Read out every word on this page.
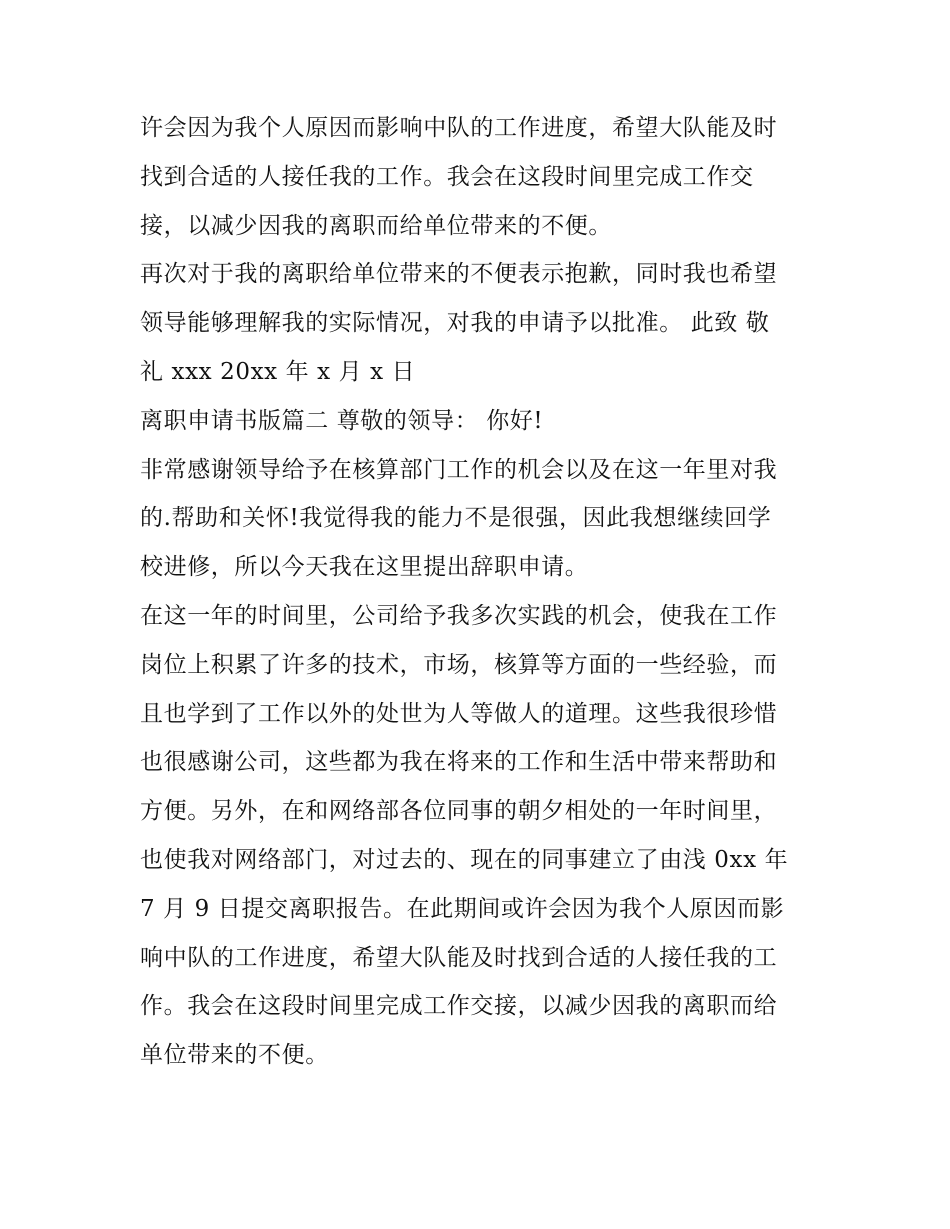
许会因为我个人原因而影响中队的工作进度，希望大队能及时
找到合适的人接任我的工作。我会在这段时间里完成工作交
接，以减少因我的离职而给单位带来的不便。
再次对于我的离职给单位带来的不便表示抱歉，同时我也希望
领导能够理解我的实际情况，对我的申请予以批准。 此致 敬
礼 xxx 20xx 年 x 月 x 日
离职申请书版篇二 尊敬的领导： 你好!
非常感谢领导给予在核算部门工作的机会以及在这一年里对我
的.帮助和关怀!我觉得我的能力不是很强，因此我想继续回学
校进修，所以今天我在这里提出辞职申请。
在这一年的时间里，公司给予我多次实践的机会，使我在工作
岗位上积累了许多的技术，市场，核算等方面的一些经验，而
且也学到了工作以外的处世为人等做人的道理。这些我很珍惜
也很感谢公司，这些都为我在将来的工作和生活中带来帮助和
方便。另外，在和网络部各位同事的朝夕相处的一年时间里，
也使我对网络部门，对过去的、现在的同事建立了由浅 0xx 年
7 月 9 日提交离职报告。在此期间或许会因为我个人原因而影
响中队的工作进度，希望大队能及时找到合适的人接任我的工
作。我会在这段时间里完成工作交接，以减少因我的离职而给
单位带来的不便。
